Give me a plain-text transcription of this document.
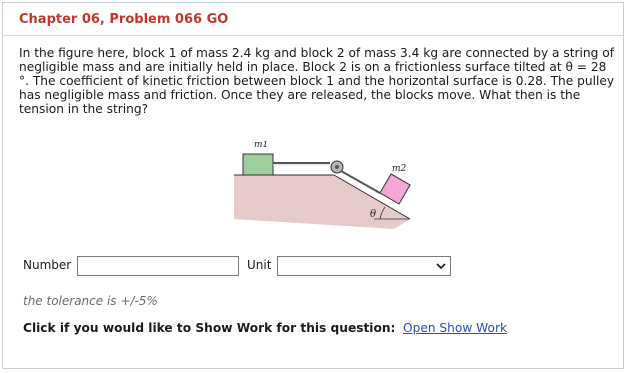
Chapter 06, Problem 066 GO
In the figure here, block 1 of mass 2.4 kg and block 2 of mass 3.4 kg are connected by a string of negligible mass and are initially held in place. Block 2 is on a frictionless surface tilted at θ = 28 °. The coefficient of kinetic friction between block 1 and the horizontal surface is 0.28. The pulley has negligible mass and friction. Once they are released, the blocks move. What then is the tension in the string?
m1
m2
θ
Number	Unit
the tolerance is +/-5%
Click if you would like to Show Work for this question: Open Show Work
